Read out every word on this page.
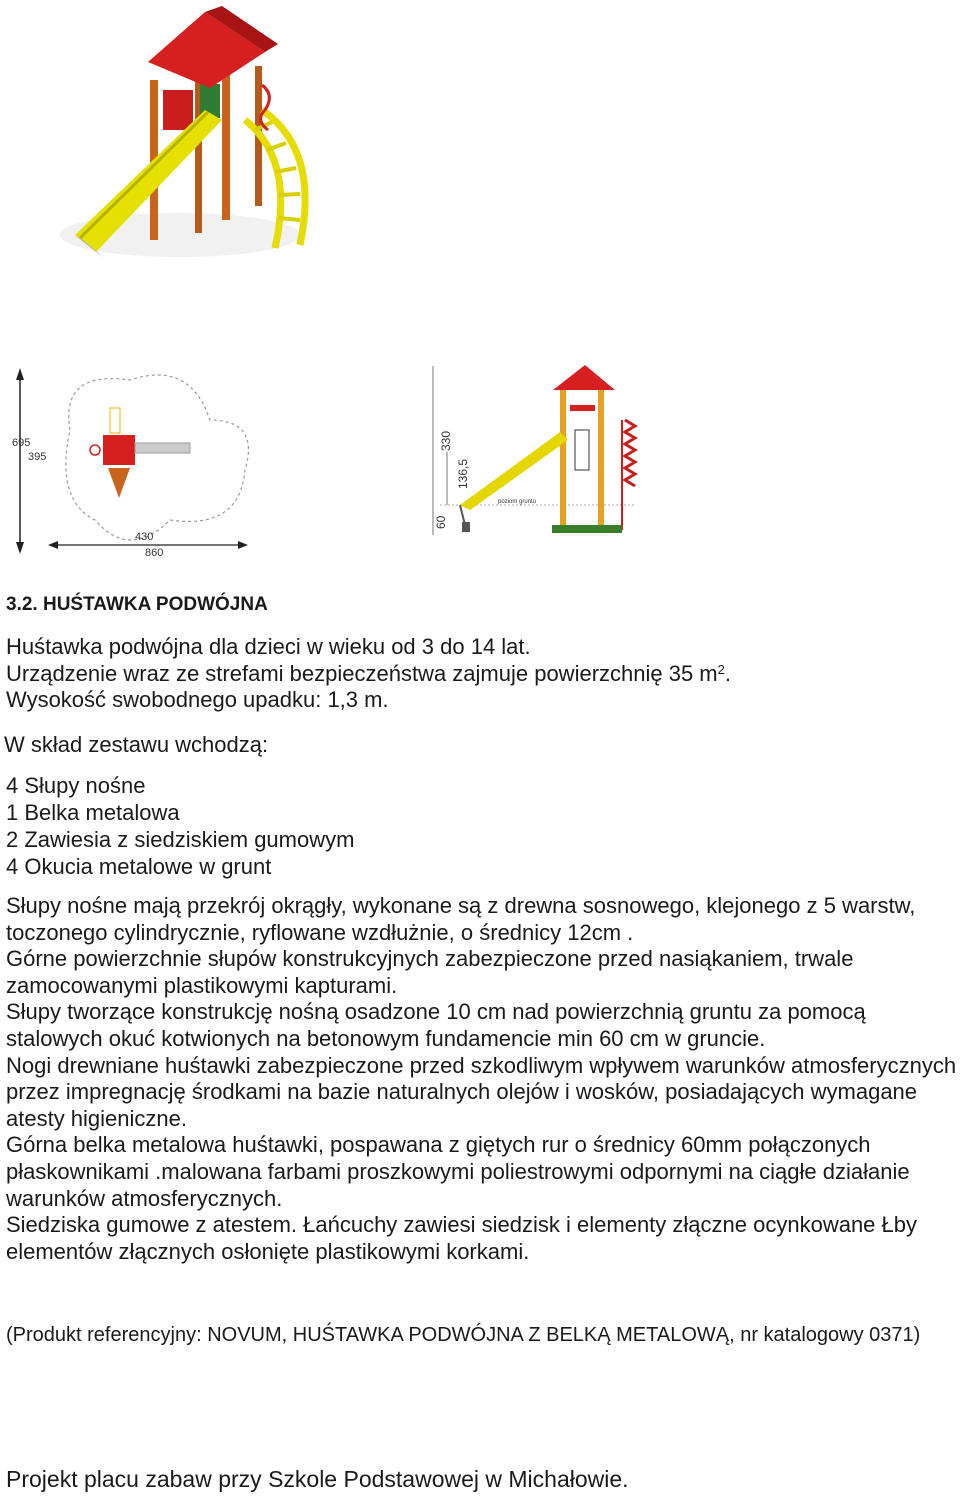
695
395
430
860
330
136,5
60
poziom gruntu
3.2. HUŚTAWKA PODWÓJNA
Huśtawka podwójna dla dzieci w wieku od 3 do 14 lat.
Urządzenie wraz ze strefami bezpieczeństwa zajmuje powierzchnię 35 $m^2$.
Wysokość swobodnego upadku: 1,3 m.
W skład zestawu wchodzą:
4 Słupy nośne
1 Belka metalowa
2 Zawiesia z siedziskiem gumowym
4 Okucia metalowe w grunt

Słupy nośne mają przekrój okrągły, wykonane są z drewna sosnowego, klejonego z 5 warstw, toczonego cylindrycznie, ryflowane wzdłużnie, o średnicy 12cm .

Górne powierzchnie słupów konstrukcyjnych zabezpieczone przed nasiąkaniem, trwale zamocowanymi plastikowymi kapturami.

Słupy tworzące konstrukcję nośną osadzone 10 cm nad powierzchnią gruntu za pomocą stalowych okuć kotwionych na betonowym fundamencie min 60 cm w gruncie.

Nogi drewniane huśtawki zabezpieczone przed szkodliwym wpływem warunków atmosferycznych przez impregnację środkami na bazie naturalnych olejów i wosków, posiadających wymagane atesty higieniczne.

Górna belka metalowa huśtawki, pospawana z giętych rur o średnicy 60mm połączonych płaskownikami .malowana farbami proszkowymi poliestrowymi odpornymi na ciągłe działanie warunków atmosferycznych.

Siedziska gumowe z atestem. Łańcuchy zawiesi siedzisk i elementy złączne ocynkowane Łby elementów złącznych osłonięte plastikowymi korkami.

(Produkt referencyjny: NOVUM, HUŚTAWKA PODWÓJNA Z BELKĄ METALOWĄ, nr katalogowy 0371)
Projekt placu zabaw przy Szkole Podstawowej w Michałowie.
